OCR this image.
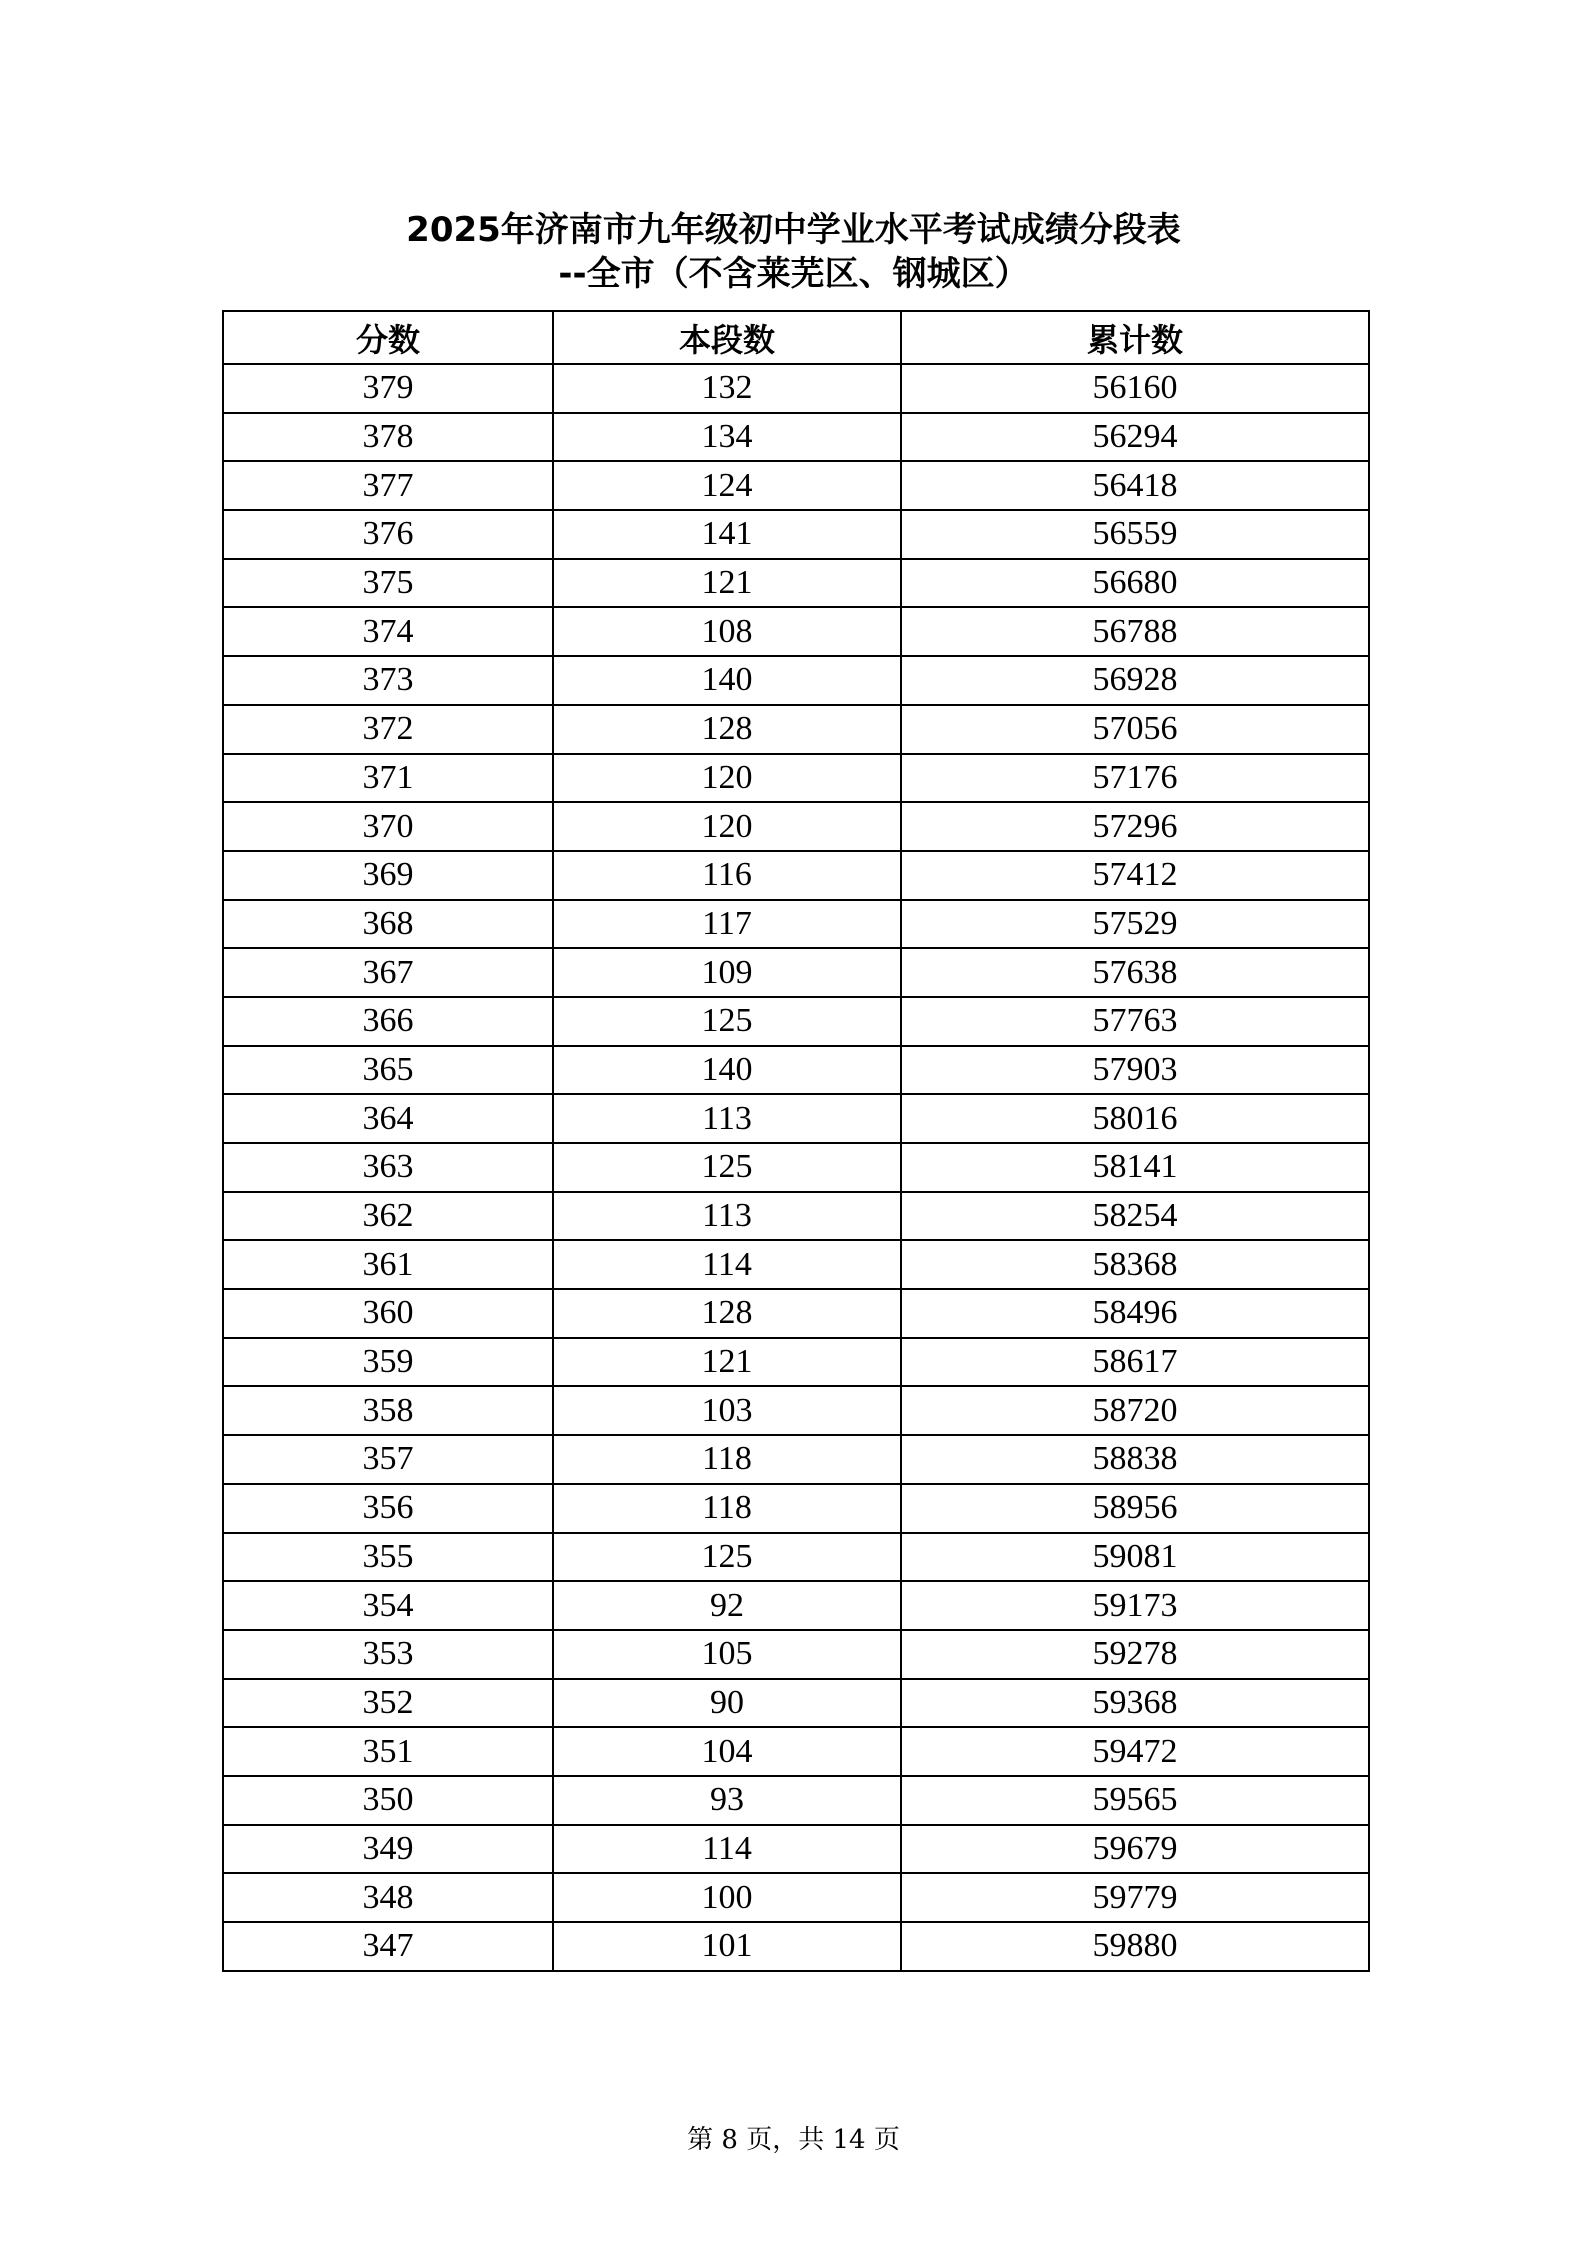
2025年济南市九年级初中学业水平考试成绩分段表
--全市（不含莱芜区、钢城区）
分数	本段数	累计数
379	132	56160
378	134	56294
377	124	56418
376	141	56559
375	121	56680
374	108	56788
373	140	56928
372	128	57056
371	120	57176
370	120	57296
369	116	57412
368	117	57529
367	109	57638
366	125	57763
365	140	57903
364	113	58016
363	125	58141
362	113	58254
361	114	58368
360	128	58496
359	121	58617
358	103	58720
357	118	58838
356	118	58956
355	125	59081
354	92	59173
353	105	59278
352	90	59368
351	104	59472
350	93	59565
349	114	59679
348	100	59779
347	101	59880
第 8 页，共 14 页
